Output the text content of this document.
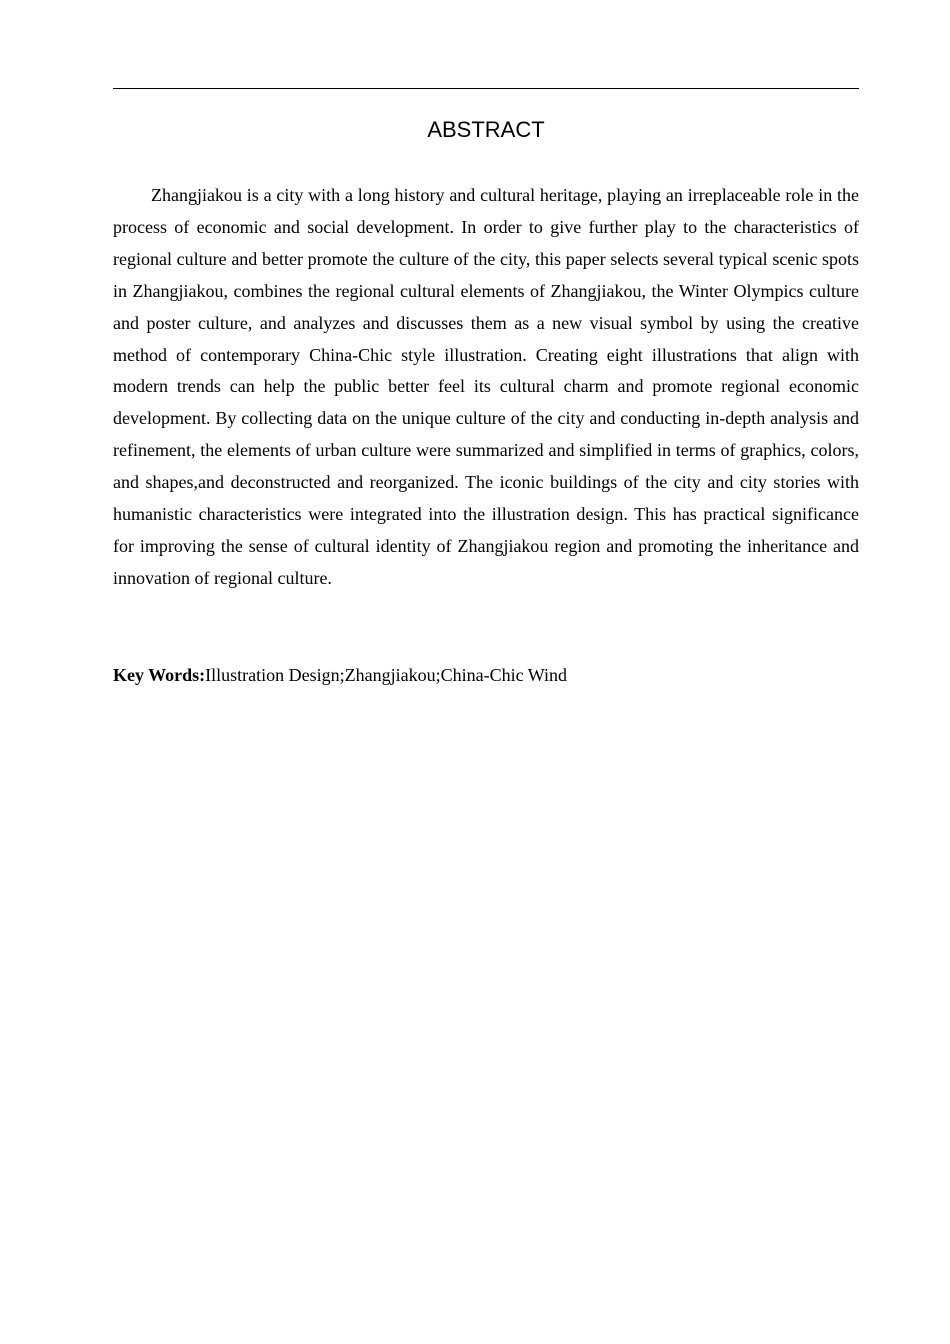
ABSTRACT

Zhangjiakou is a city with a long history and cultural heritage, playing an irreplaceable role in the process of economic and social development. In order to give further play to the characteristics of regional culture and better promote the culture of the city, this paper selects several typical scenic spots in Zhangjiakou, combines the regional cultural elements of Zhangjiakou, the Winter Olympics culture and poster culture, and analyzes and discusses them as a new visual symbol by using the creative method of contemporary China-Chic style illustration. Creating eight illustrations that align with modern trends can help the public better feel its cultural charm and promote regional economic development. By collecting data on the unique culture of the city and conducting in-depth analysis and refinement, the elements of urban culture were summarized and simplified in terms of graphics, colors, and shapes,and deconstructed and reorganized. The iconic buildings of the city and city stories with humanistic characteristics were integrated into the illustration design. This has practical significance for improving the sense of cultural identity of Zhangjiakou region and promoting the inheritance and innovation of regional culture.

Key Words:Illustration Design;Zhangjiakou;China-Chic Wind
